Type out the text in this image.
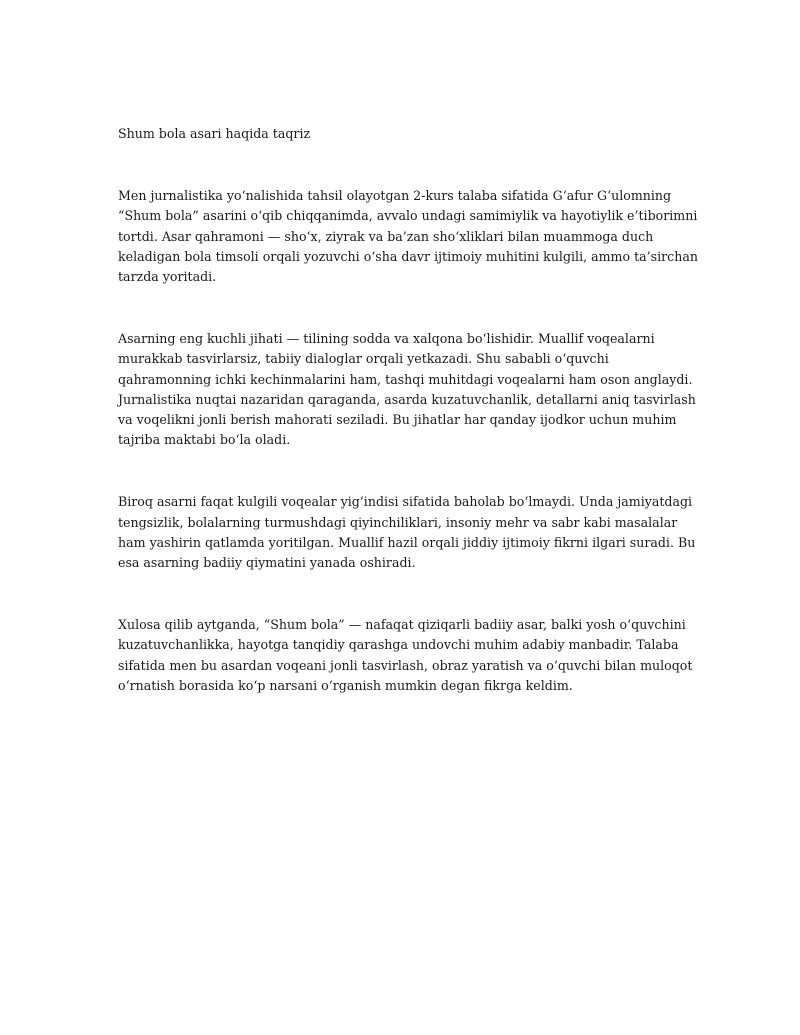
Shum bola asari haqida taqriz

Men jurnalistika yo‘nalishida tahsil olayotgan 2-kurs talaba sifatida G‘afur G‘ulomning “Shum bola” asarini o‘qib chiqqanimda, avvalo undagi samimiylik va hayotiylik e’tiborimni tortdi. Asar qahramoni — sho‘x, ziyrak va ba’zan sho‘xliklari bilan muammoga duch keladigan bola timsoli orqali yozuvchi o‘sha davr ijtimoiy muhitini kulgili, ammo ta’sirchan tarzda yoritadi.

Asarning eng kuchli jihati — tilining sodda va xalqona bo‘lishidir. Muallif voqealarni murakkab tasvirlarsiz, tabiiy dialoglar orqali yetkazadi. Shu sababli o‘quvchi qahramonning ichki kechinmalarini ham, tashqi muhitdagi voqealarni ham oson anglaydi. Jurnalistika nuqtai nazaridan qaraganda, asarda kuzatuvchanlik, detallarni aniq tasvirlash va voqelikni jonli berish mahorati seziladi. Bu jihatlar har qanday ijodkor uchun muhim tajriba maktabi bo‘la oladi.

Biroq asarni faqat kulgili voqealar yig‘indisi sifatida baholab bo‘lmaydi. Unda jamiyatdagi tengsizlik, bolalarning turmushdagi qiyinchiliklari, insoniy mehr va sabr kabi masalalar ham yashirin qatlamda yoritilgan. Muallif hazil orqali jiddiy ijtimoiy fikrni ilgari suradi. Bu esa asarning badiiy qiymatini yanada oshiradi.

Xulosa qilib aytganda, “Shum bola” — nafaqat qiziqarli badiiy asar, balki yosh o‘quvchini kuzatuvchanlikka, hayotga tanqidiy qarashga undovchi muhim adabiy manbadir. Talaba sifatida men bu asardan voqeani jonli tasvirlash, obraz yaratish va o‘quvchi bilan muloqot o‘rnatish borasida ko‘p narsani o‘rganish mumkin degan fikrga keldim.
